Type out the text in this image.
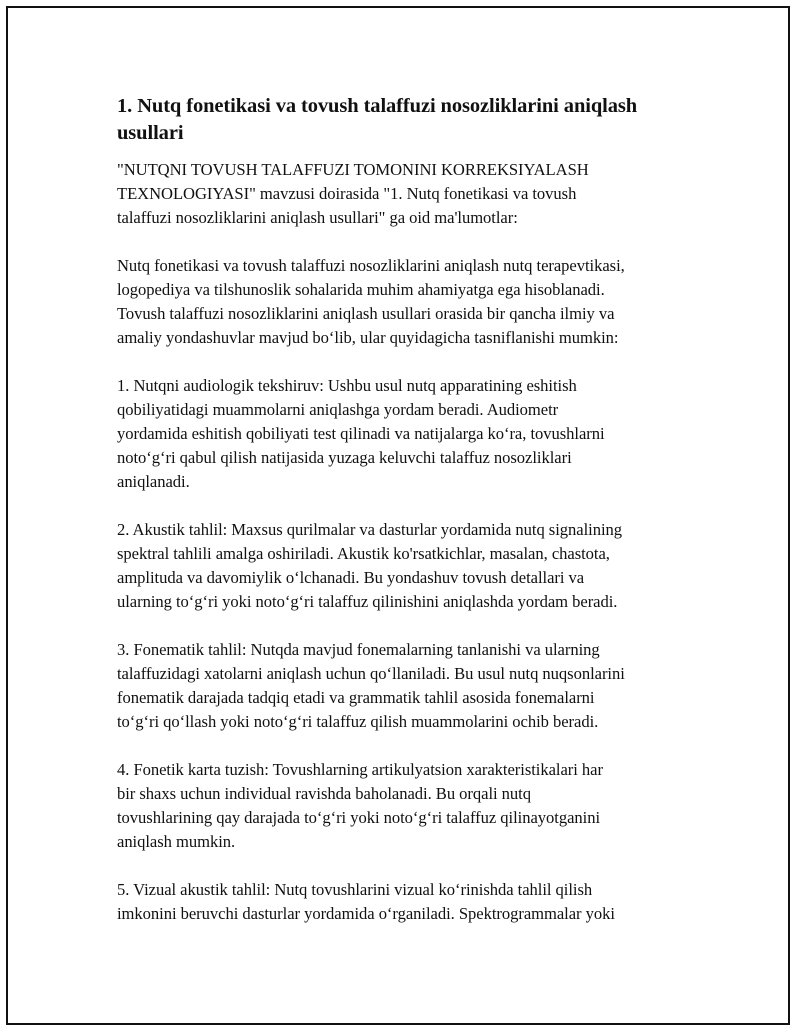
1. Nutq fonetikasi va tovush talaffuzi nosozliklarini aniqlash
usullari

"NUTQNI TOVUSH TALAFFUZI TOMONINI KORREKSIYALASH
TEXNOLOGIYASI" mavzusi doirasida "1. Nutq fonetikasi va tovush
talaffuzi nosozliklarini aniqlash usullari" ga oid ma'lumotlar:

Nutq fonetikasi va tovush talaffuzi nosozliklarini aniqlash nutq terapevtikasi,
logopediya va tilshunoslik sohalarida muhim ahamiyatga ega hisoblanadi.
Tovush talaffuzi nosozliklarini aniqlash usullari orasida bir qancha ilmiy va
amaliy yondashuvlar mavjud bo‘lib, ular quyidagicha tasniflanishi mumkin:

1. Nutqni audiologik tekshiruv: Ushbu usul nutq apparatining eshitish
qobiliyatidagi muammolarni aniqlashga yordam beradi. Audiometr
yordamida eshitish qobiliyati test qilinadi va natijalarga ko‘ra, tovushlarni
noto‘g‘ri qabul qilish natijasida yuzaga keluvchi talaffuz nosozliklari
aniqlanadi.

2. Akustik tahlil: Maxsus qurilmalar va dasturlar yordamida nutq signalining
spektral tahlili amalga oshiriladi. Akustik ko'rsatkichlar, masalan, chastota,
amplituda va davomiylik o‘lchanadi. Bu yondashuv tovush detallari va
ularning to‘g‘ri yoki noto‘g‘ri talaffuz qilinishini aniqlashda yordam beradi.

3. Fonematik tahlil: Nutqda mavjud fonemalarning tanlanishi va ularning
talaffuzidagi xatolarni aniqlash uchun qo‘llaniladi. Bu usul nutq nuqsonlarini
fonematik darajada tadqiq etadi va grammatik tahlil asosida fonemalarni
to‘g‘ri qo‘llash yoki noto‘g‘ri talaffuz qilish muammolarini ochib beradi.

4. Fonetik karta tuzish: Tovushlarning artikulyatsion xarakteristikalari har
bir shaxs uchun individual ravishda baholanadi. Bu orqali nutq
tovushlarining qay darajada to‘g‘ri yoki noto‘g‘ri talaffuz qilinayotganini
aniqlash mumkin.

5. Vizual akustik tahlil: Nutq tovushlarini vizual ko‘rinishda tahlil qilish
imkonini beruvchi dasturlar yordamida o‘rganiladi. Spektrogrammalar yoki
